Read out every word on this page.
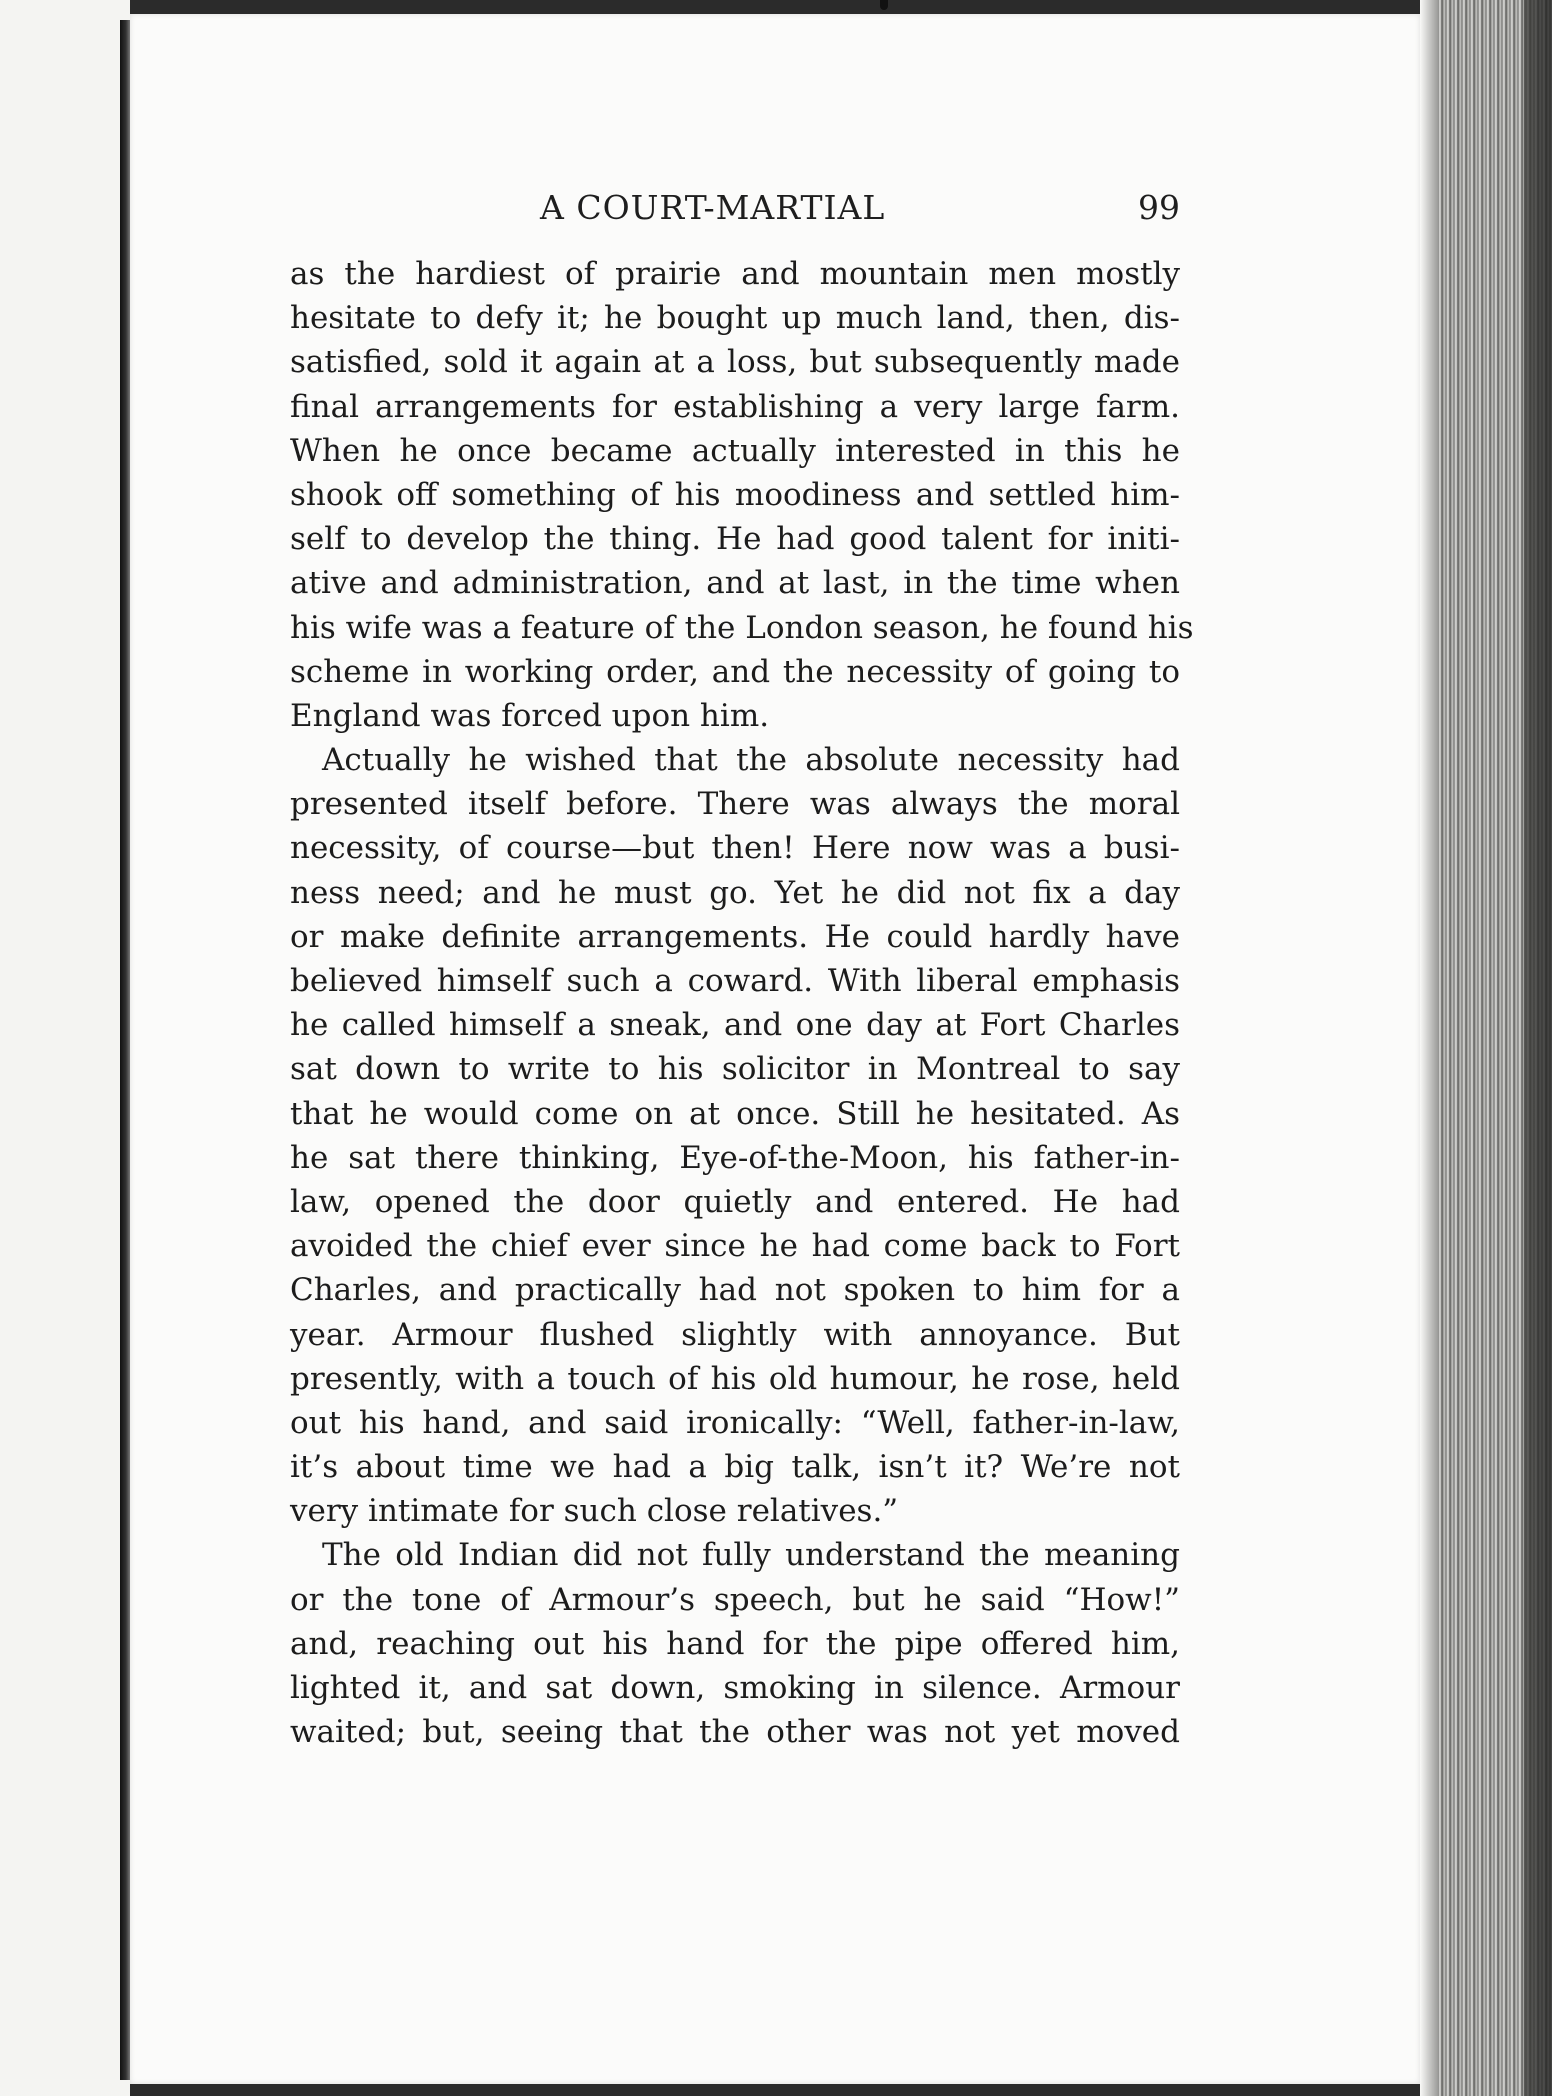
A COURT-MARTIAL	99
as the hardiest of prairie and mountain men mostly
hesitate to defy it; he bought up much land, then, dis-
satisfied, sold it again at a loss, but subsequently made
final arrangements for establishing a very large farm.
When he once became actually interested in this he
shook off something of his moodiness and settled him-
self to develop the thing. He had good talent for initi-
ative and administration, and at last, in the time when
his wife was a feature of the London season, he found his
scheme in working order, and the necessity of going to
England was forced upon him.
Actually he wished that the absolute necessity had
presented itself before. There was always the moral
necessity, of course—but then! Here now was a busi-
ness need; and he must go. Yet he did not fix a day
or make definite arrangements. He could hardly have
believed himself such a coward. With liberal emphasis
he called himself a sneak, and one day at Fort Charles
sat down to write to his solicitor in Montreal to say
that he would come on at once. Still he hesitated. As
he sat there thinking, Eye-of-the-Moon, his father-in-
law, opened the door quietly and entered. He had
avoided the chief ever since he had come back to Fort
Charles, and practically had not spoken to him for a
year. Armour flushed slightly with annoyance. But
presently, with a touch of his old humour, he rose, held
out his hand, and said ironically: “Well, father-in-law,
it’s about time we had a big talk, isn’t it? We’re not
very intimate for such close relatives.”
The old Indian did not fully understand the meaning
or the tone of Armour’s speech, but he said “How!”
and, reaching out his hand for the pipe offered him,
lighted it, and sat down, smoking in silence. Armour
waited; but, seeing that the other was not yet moved
